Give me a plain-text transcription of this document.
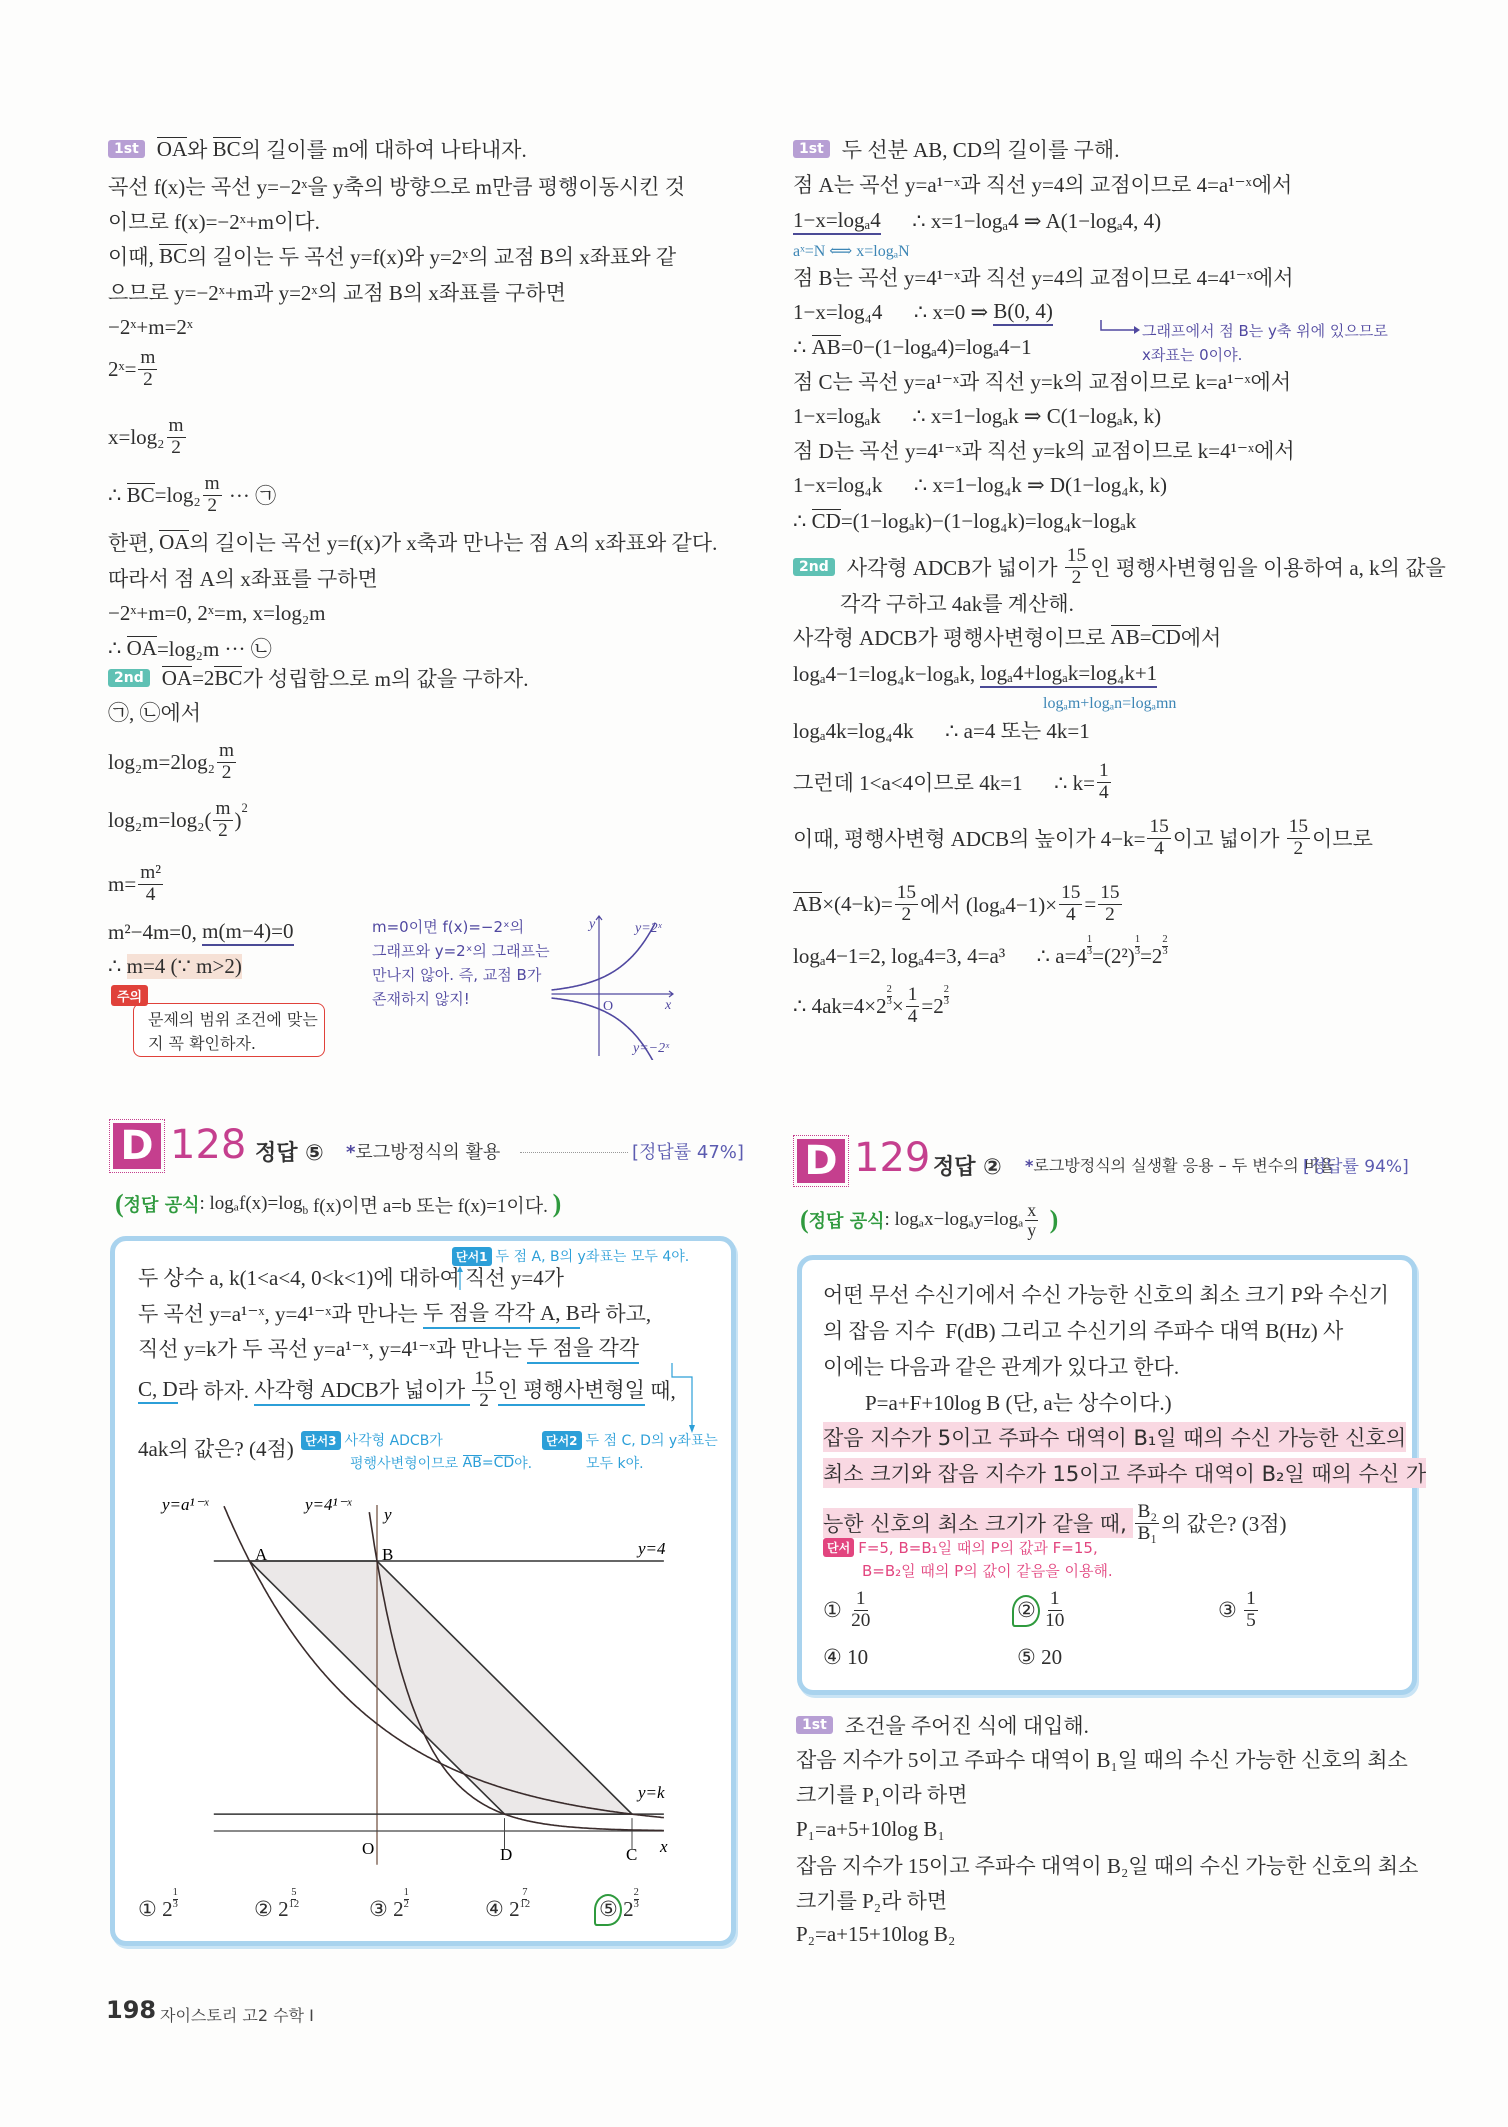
D 128 정답 ⑤ *로그방정식의 활용	[정답률 47%] D 129 정답 ② *로그방정식의 실생활 응용 – 두 변수의 비율
[정답률 94%]
주의
y	y=2ˣ
O	x
y=−2ˣ
y=a¹⁻ˣ	y=4¹⁻ˣ
y
A	B	y=4
y=k
O	D	C x
198 자이스토리 고2 수학 I
1st OA 와 BC 의 길이를 m에 대하여 나타내자.
곡선 f(x)는 곡선 y=−2ˣ을 y축의 방향으로 m만큼 평행이동시킨 것
이므로 f(x)=−2ˣ+m이다.
이때, BC 의 길이는 두 곡선 y=f(x)와 y=2ˣ의 교점 B의 x좌표와 같
으므로 y=−2ˣ+m과 y=2ˣ의 교점 B의 x좌표를 구하면
−2ˣ+m=2ˣ
2ˣ= $\frac{m}{2}$
$x=\log_2 \frac{m}{2}$
∴ BC $=\log_2 \frac{m}{2}$ ··· ㉠
한편, OA 의 길이는 곡선 y=f(x)가 x축과 만나는 점 A의 x좌표와 같다.
따라서 점 A의 x좌표를 구하면
−2ˣ+m=0, 2ˣ=m, x=log₂m
∴ OA =log₂m ··· ㉡
2nd OA =2 BC 가 성립함으로 m의 값을 구하자.
㉠, ㉡에서
$\log_2m=2\log_2 \frac{m}{2}$
$\log_2m=\log_2( \frac{m}{2}$ ) 2
$m= \frac{\text{m²}}{4}$
m²−4m=0, m(m−4)=0
∴ m=4 (∵ m>2)
1st 두 선분 AB, CD의 길이를 구해.
점 A는 곡선 y=a¹⁻ˣ과 직선 y=4의 교점이므로 4=a¹⁻ˣ에서
1−x=logₐ4 ∴ x=1−logₐ4 ⇒ A(1−logₐ4, 4)
aˣ=N ⟺ x=logₐN
점 B는 곡선 y=4¹⁻ˣ과 직선 y=4의 교점이므로 4=4¹⁻ˣ에서
1−x=log₄4      ∴ x=0 ⇒ B(0, 4)
∴ AB =0−(1−logₐ4)=logₐ4−1
점 C는 곡선 y=a¹⁻ˣ과 직선 y=k의 교점이므로 k=a¹⁻ˣ에서
1−x=logₐk      ∴ x=1−logₐk ⇒ C(1−logₐk, k)
점 D는 곡선 y=4¹⁻ˣ과 직선 y=k의 교점이므로 k=4¹⁻ˣ에서
1−x=log₄k      ∴ x=1−log₄k ⇒ D(1−log₄k, k)
∴ CD =(1−logₐk)−(1−log₄k)=log₄k−logₐk
2nd 사각형 ADCB가 넓이가 $\frac{15}{2}$ 인 평행사변형임을 이용하여 a, k의 값을
각각 구하고 4ak를 계산해.
사각형 ADCB가 평행사변형이므로 AB = CD 에서
logₐ4−1=log₄k−logₐk, logₐ4+logₐk=log₄k+1
logₐm+logₐn=logₐmn
logₐ4k=log₄4k      ∴ a=4 또는 4k=1
그런데 1<a<4이므로 4k=1      ∴ $k= \frac{1}{4}$
이때, 평행사변형 ADCB의 높이가 $4-k= \frac{15}{4}$ 이고 넓이가 $\frac{15}{2}$ 이므로
AB $\times(4-k)= \frac{15}{2}$ 에서 $(\log_a4-1)\times \frac{15}{4} = \frac{15}{2}$
logₐ4−1=2, logₐ4=3, 4=a³      ∴ $a=4 \frac{1}{3} =(2^2) \frac{1}{3} =2 \frac{2}{3}$
∴ $4ak=4\times 2 \frac{2}{3} \times \frac{1}{4} =2 \frac{2}{3}$
m=0이면 f(x)=−2ˣ의
그래프와 y=2ˣ의 그래프는
만나지 않아. 즉, 교점 B가
존재하지 않지!
문제의 범위 조건에 맞는
지 꼭 확인하자.
그래프에서 점 B는 y축 위에 있으므로
x좌표는 0이야.
( 정답 공식 : logₐf(x)=log b f(x)이면 a=b 또는 f(x)=1이다. )
두 상수 a, k(1<a<4, 0<k<1)에 대하여 직선 y=4가
두 곡선 y=a¹⁻ˣ, y=4¹⁻ˣ과 만나는 두 점을 각각 A, B 라 하고,
직선 y=k가 두 곡선 y=a¹⁻ˣ, y=4¹⁻ˣ과 만나는 두 점을 각각
C, D 라 하자. 사각형 ADCB가 넓이가 $\frac{15}{2}$ 인 평행사변형일 때,
4ak의 값은? (4점)
단서1 두 점 A, B의 y좌표는 모두 4야.
단서3 사각형 ADCB가
평행사변형이므로 AB = CD 야.
단서2 두 점 C, D의 y좌표는
모두 k야.
① $2 \frac{1}{3}$	② $2 \frac{5}{12}$	③ $2 \frac{1}{2}$	④ $2 \frac{7}{12}$	⑤ $2 \frac{2}{3}$
( 정답 공식 : $\log_ax-\log_ay=\log_a \frac{x}{y}$
)
어떤 무선 수신기에서 수신 가능한 신호의 최소 크기 P와 수신기
의 잡음 지수  F(dB) 그리고 수신기의 주파수 대역 B(Hz) 사
이에는 다음과 같은 관계가 있다고 한다.
P=a+F+10log B (단, a는 상수이다.)
잡음 지수가 5이고 주파수 대역이 B₁일 때의 수신 가능한 신호의
최소 크기와 잡음 지수가 15이고 주파수 대역이 B₂일 때의 수신 가
능한 신호의 최소 크기가 같을 때, $\frac{\text{B₂}}{\text{B₁}}$ 의 값은? (3점)
단서 F=5, B=B₁일 때의 P의 값과 F=15,
B=B₂일 때의 P의 값이 같음을 이용해.
① $\frac{1}{20}$	② $\frac{1}{10}$	③ $\frac{1}{5}$
④ 10	⑤ 20
1st 조건을 주어진 식에 대입해.
잡음 지수가 5이고 주파수 대역이 B₁일 때의 수신 가능한 신호의 최소
크기를 P₁이라 하면
P₁=a+5+10log B₁
잡음 지수가 15이고 주파수 대역이 B₂일 때의 수신 가능한 신호의 최소
크기를 P₂라 하면
P₂=a+15+10log B₂
